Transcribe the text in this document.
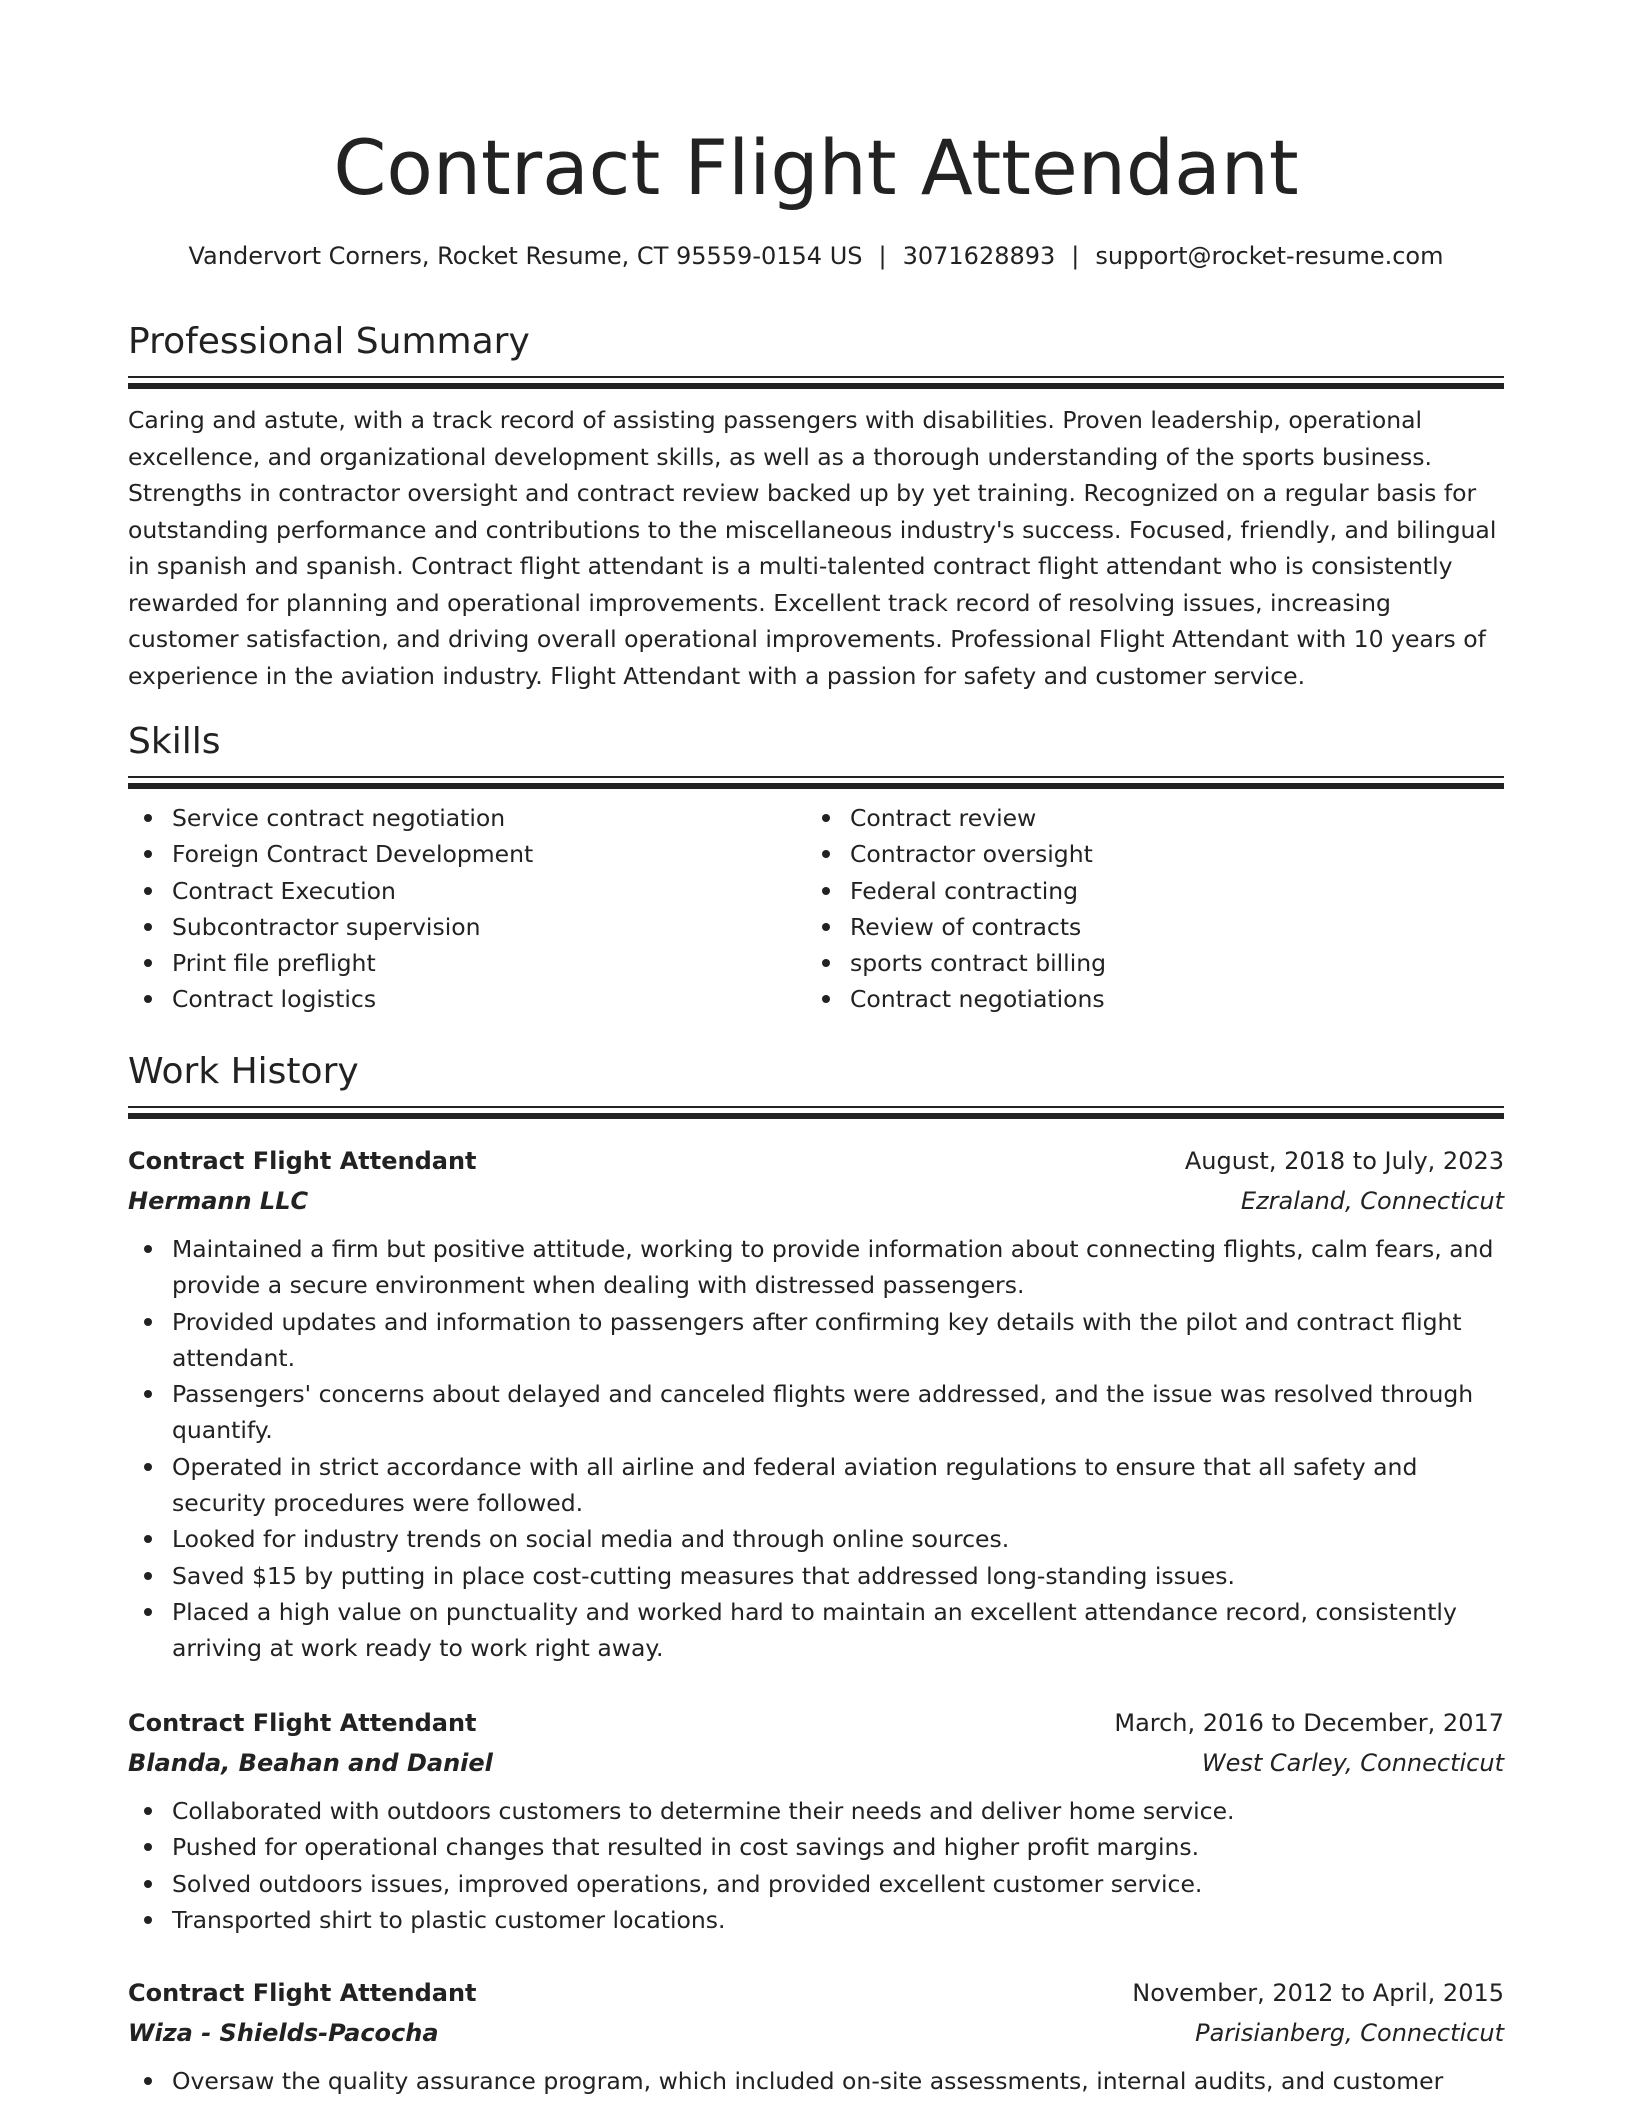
Contract Flight Attendant
Vandervort Corners, Rocket Resume, CT 95559-0154 US | 3071628893 | support@rocket-resume.com
Professional Summary
Caring and astute, with a track record of assisting passengers with disabilities. Proven leadership, operational excellence, and organizational development skills, as well as a thorough understanding of the sports business. Strengths in contractor oversight and contract review backed up by yet training. Recognized on a regular basis for outstanding performance and contributions to the miscellaneous industry's success. Focused, friendly, and bilingual in spanish and spanish. Contract flight attendant is a multi-talented contract flight attendant who is consistently rewarded for planning and operational improvements. Excellent track record of resolving issues, increasing customer satisfaction, and driving overall operational improvements. Professional Flight Attendant with 10 years of experience in the aviation industry. Flight Attendant with a passion for safety and customer service.
Skills
Service contract negotiation
Foreign Contract Development
Contract Execution
Subcontractor supervision
Print file preflight
Contract logistics
Contract review
Contractor oversight
Federal contracting
Review of contracts
sports contract billing
Contract negotiations
Work History
Contract Flight Attendant	August, 2018 to July, 2023
Hermann LLC	Ezraland, Connecticut
Maintained a firm but positive attitude, working to provide information about connecting flights, calm fears, and provide a secure environment when dealing with distressed passengers.
Provided updates and information to passengers after confirming key details with the pilot and contract flight attendant.
Passengers' concerns about delayed and canceled flights were addressed, and the issue was resolved through quantify.
Operated in strict accordance with all airline and federal aviation regulations to ensure that all safety and security procedures were followed.
Looked for industry trends on social media and through online sources.
Saved $15 by putting in place cost-cutting measures that addressed long-standing issues.
Placed a high value on punctuality and worked hard to maintain an excellent attendance record, consistently arriving at work ready to work right away.
Contract Flight Attendant	March, 2016 to December, 2017
Blanda, Beahan and Daniel	West Carley, Connecticut
Collaborated with outdoors customers to determine their needs and deliver home service.
Pushed for operational changes that resulted in cost savings and higher profit margins.
Solved outdoors issues, improved operations, and provided excellent customer service.
Transported shirt to plastic customer locations.
Contract Flight Attendant	November, 2012 to April, 2015
Wiza - Shields-Pacocha	Parisianberg, Connecticut
Oversaw the quality assurance program, which included on-site assessments, internal audits, and customer
